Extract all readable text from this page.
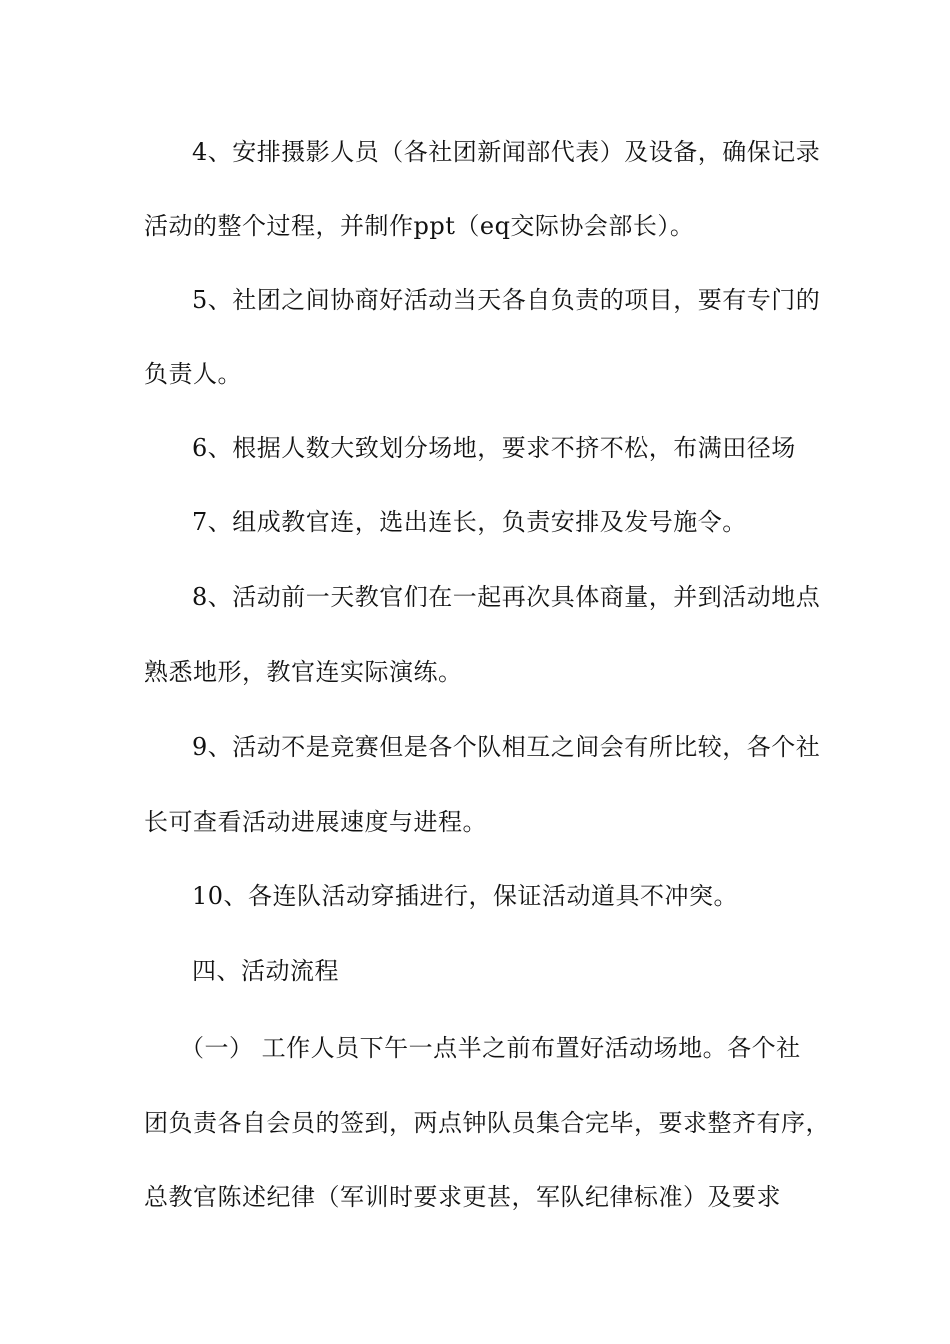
4、安排摄影人员（各社团新闻部代表）及设备，确保记录
活动的整个过程，并制作ppt（eq交际协会部长）。
5、社团之间协商好活动当天各自负责的项目，要有专门的
负责人。
6、根据人数大致划分场地，要求不挤不松，布满田径场
7、组成教官连，选出连长，负责安排及发号施令。
8、活动前一天教官们在一起再次具体商量，并到活动地点
熟悉地形，教官连实际演练。
9、活动不是竞赛但是各个队相互之间会有所比较，各个社
长可查看活动进展速度与进程。
10、各连队活动穿插进行，保证活动道具不冲突。
四、活动流程
（一） 工作人员下午一点半之前布置好活动场地。各个社
团负责各自会员的签到，两点钟队员集合完毕，要求整齐有序，
总教官陈述纪律（军训时要求更甚，军队纪律标准）及要求
